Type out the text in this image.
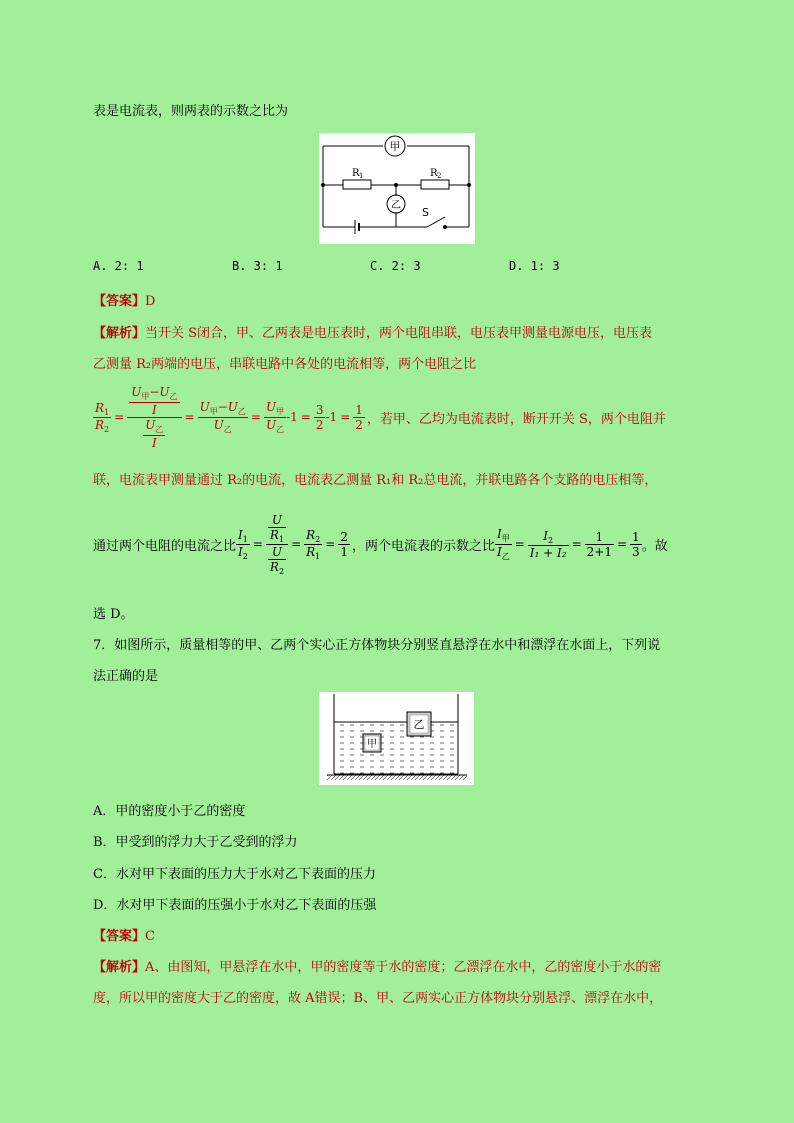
表是电流表，则两表的示数之比为
甲
乙
R 1	R 2
S
A. 2: 1	B. 3: 1	C. 2: 3	D. 1: 3
【答案】D
【解析】当开关 S闭合，甲、乙两表是电压表时，两个电阻串联，电压表甲测量电源电压，电压表
乙测量 R₂两端的电压，串联电路中各处的电流相等，两个电阻之比
$\frac{R_1}{R_2} = \frac{\frac{U_甲-U_乙}{I}}{\frac{U_乙}{I}} = \frac{U_甲-U_乙}{U_乙} = \frac{U_甲}{U_乙} -1 = \frac{3}{2} -1 = \frac{1}{2}$ ，若甲、乙均为电流表时，断开开关 S，两个电阻并
联，电流表甲测量通过 R₂的电流，电流表乙测量 R₁和 R₂总电流，并联电路各个支路的电压相等，
通过两个电阻的电流之比 $\frac{I_1}{I_2} = \frac{\frac{U}{R_1}}{\frac{U}{R_2}} = \frac{R_2}{R_1} = \frac{2}{1}$ ，两个电流表的示数之比 $\frac{I_甲}{I_乙} = \frac{I_2}{\text{I₁ + I₂}} = \frac{1}{2+1} = \frac{1}{3}$ 。故
选 D。
7．如图所示，质量相等的甲、乙两个实心正方体物块分别竖直悬浮在水中和漂浮在水面上，下列说
法正确的是
甲
乙
A．甲的密度小于乙的密度
B．甲受到的浮力大于乙受到的浮力
C．水对甲下表面的压力大于水对乙下表面的压力
D．水对甲下表面的压强小于水对乙下表面的压强
【答案】C
【解析】A、由图知，甲悬浮在水中，甲的密度等于水的密度；乙漂浮在水中，乙的密度小于水的密
度，所以甲的密度大于乙的密度，故 A错误；B、甲、乙两实心正方体物块分别悬浮、漂浮在水中，
